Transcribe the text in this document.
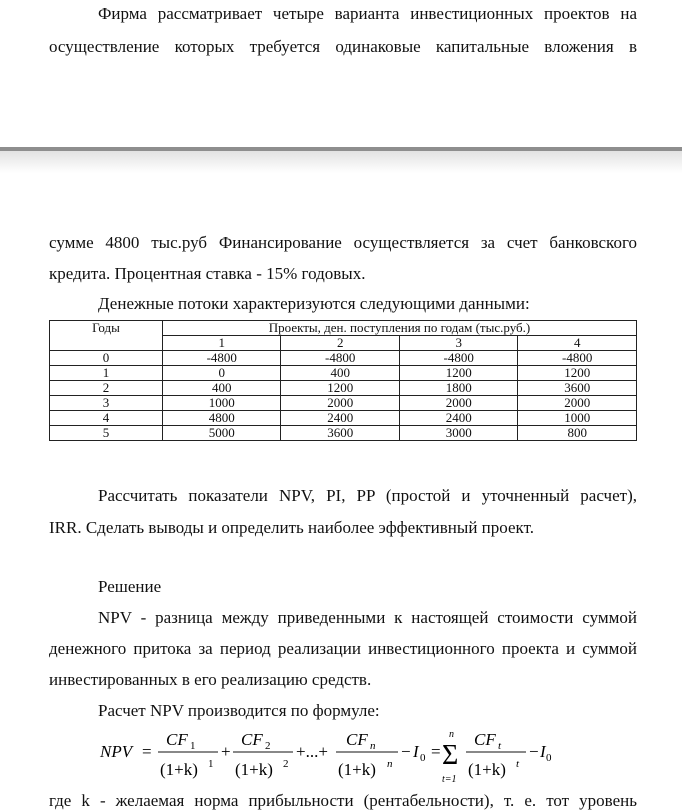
Фирма рассматривает четыре варианта инвестиционных проектов на
осуществление которых требуется одинаковые капитальные вложения в
сумме 4800 тыс.руб Финансирование осуществляется за счет банковского
кредита. Процентная ставка - 15% годовых.
Денежные потоки характеризуются следующими данными:
Годы	Проекты, ден. поступления по годам (тыс.руб.)			
	1	2	3	4
0	-4800	-4800	-4800	-4800
1	0	400	1200	1200
2	400	1200	1800	3600
3	1000	2000	2000	2000
4	4800	2400	2400	1000
5	5000	3600	3000	800
Рассчитать показатели NPV, PI, PP (простой и уточненный расчет),
IRR. Сделать выводы и определить наиболее эффективный проект.
Решение
NPV - разница между приведенными к настоящей стоимости суммой
денежного притока за период реализации инвестиционного проекта и суммой
инвестированных в его реализацию средств.
Расчет NPV производится по формуле:
NPV =
CF 1
(1+k) 1
+
CF 2
(1+k) 2
+...+
CF n
(1+k) n
− I 0 =
n
Σ
t=1
CF t
(1+k) t
− I 0
где k - желаемая норма прибыльности (рентабельности), т. е. тот уровень
